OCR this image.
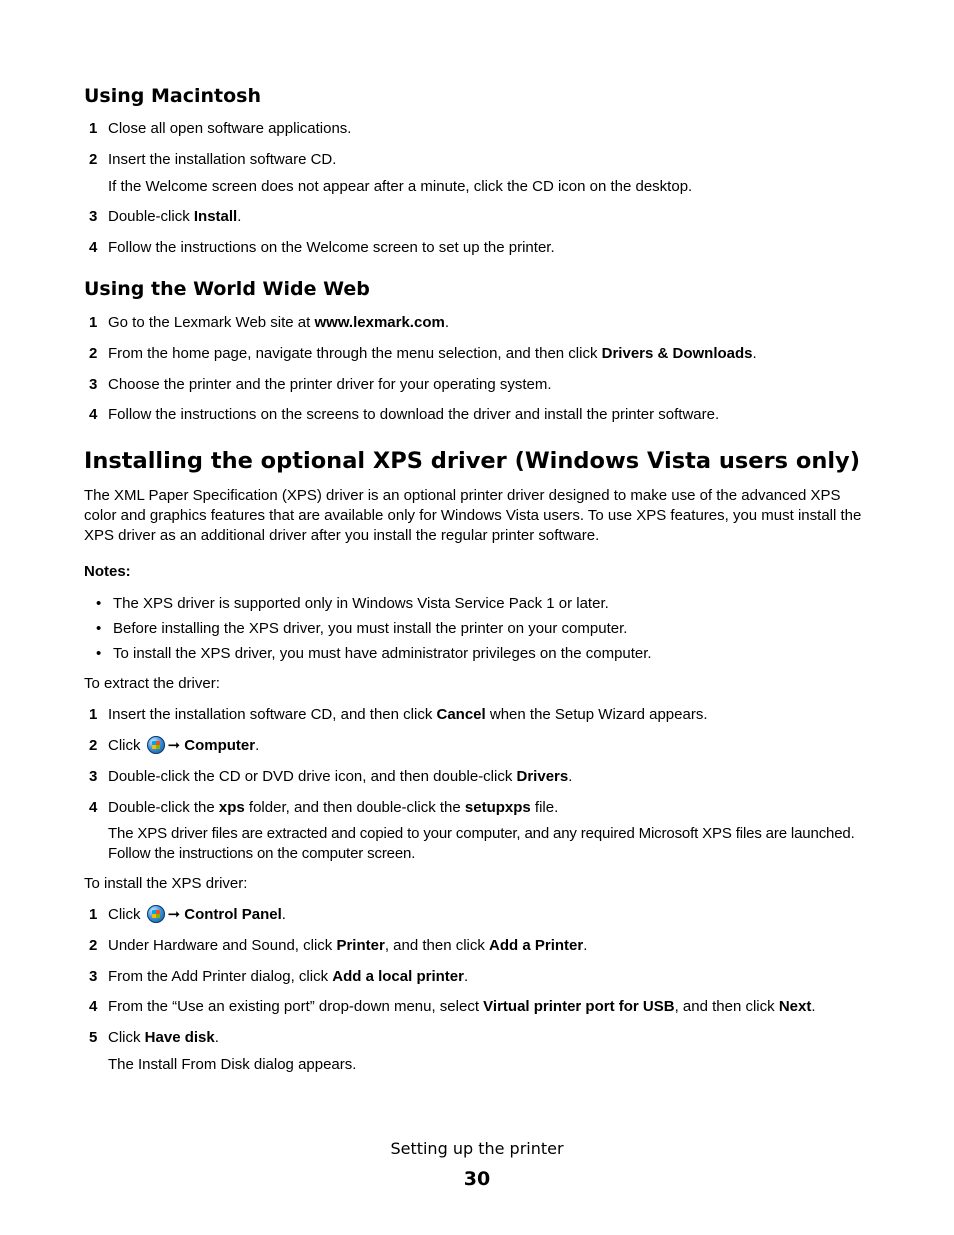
Using Macintosh
1 Close all open software applications.
2 Insert the installation software CD.
If the Welcome screen does not appear after a minute, click the CD icon on the desktop.
3 Double-click Install.
4 Follow the instructions on the Welcome screen to set up the printer.
Using the World Wide Web
1 Go to the Lexmark Web site at www.lexmark.com.
2 From the home page, navigate through the menu selection, and then click Drivers & Downloads.
3 Choose the printer and the printer driver for your operating system.
4 Follow the instructions on the screens to download the driver and install the printer software.
Installing the optional XPS driver (Windows Vista users only)
The XML Paper Specification (XPS) driver is an optional printer driver designed to make use of the advanced XPS
color and graphics features that are available only for Windows Vista users. To use XPS features, you must install the
XPS driver as an additional driver after you install the regular printer software.
Notes:
• The XPS driver is supported only in Windows Vista Service Pack 1 or later.
• Before installing the XPS driver, you must install the printer on your computer.
• To install the XPS driver, you must have administrator privileges on the computer.
To extract the driver:
1 Insert the installation software CD, and then click Cancel when the Setup Wizard appears.
2 Click ➞ Computer.
3 Double-click the CD or DVD drive icon, and then double-click Drivers.
4 Double-click the xps folder, and then double-click the setupxps file.
The XPS driver files are extracted and copied to your computer, and any required Microsoft XPS files are launched.
Follow the instructions on the computer screen.
To install the XPS driver:
1 Click ➞ Control Panel.
2 Under Hardware and Sound, click Printer, and then click Add a Printer.
3 From the Add Printer dialog, click Add a local printer.
4 From the “Use an existing port” drop-down menu, select Virtual printer port for USB, and then click Next.
5 Click Have disk.
The Install From Disk dialog appears.
Setting up the printer
30
